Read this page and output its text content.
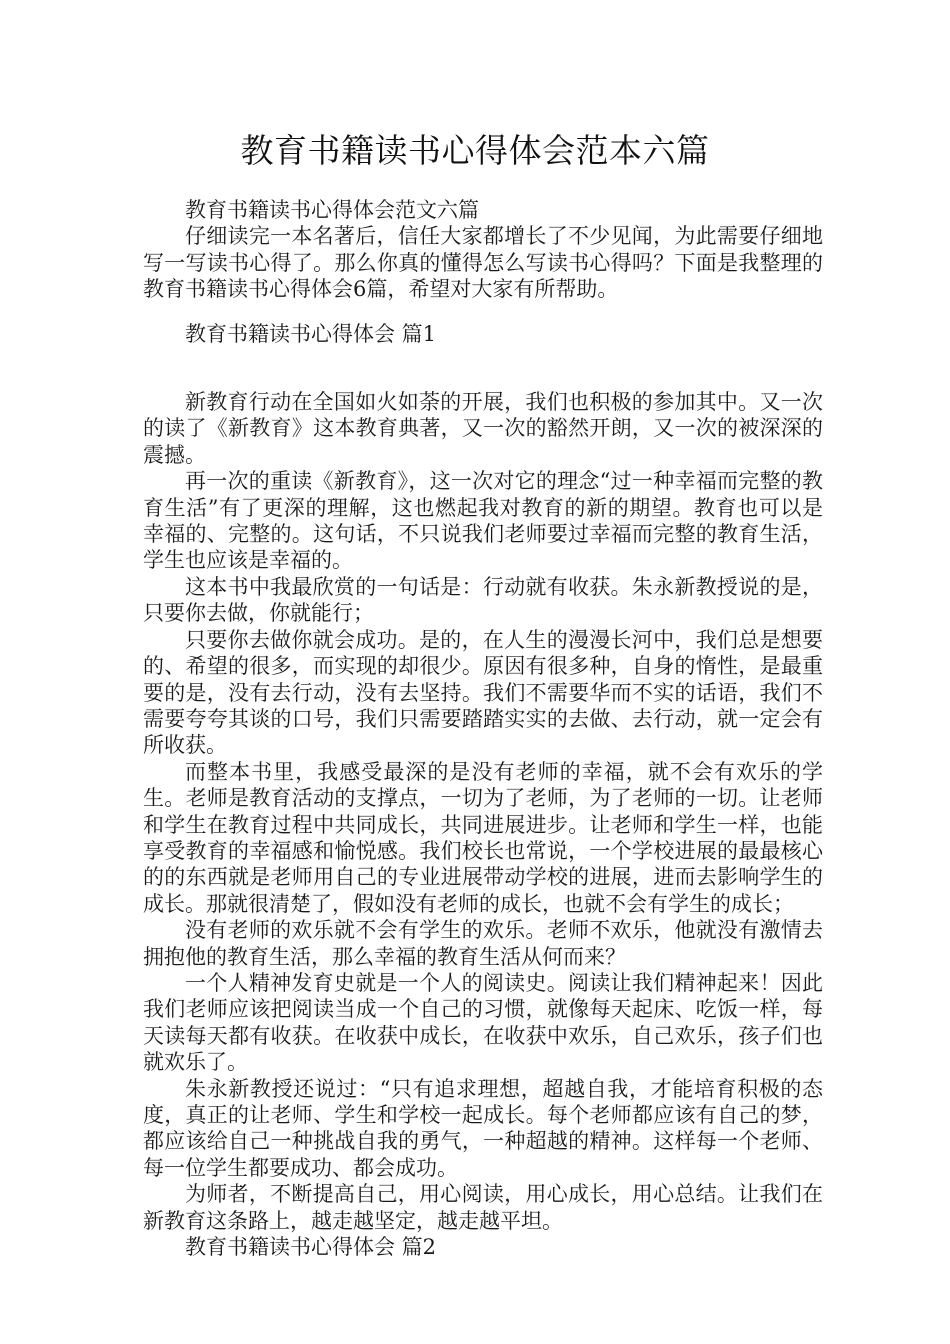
教育书籍读书心得体会范本六篇

教育书籍读书心得体会范文六篇

仔细读完一本名著后，信任大家都增长了不少见闻，为此需要仔细地写一写读书心得了。那么你真的懂得怎么写读书心得吗？下面是我整理的教育书籍读书心得体会6篇，希望对大家有所帮助。

教育书籍读书心得体会 篇1

新教育行动在全国如火如荼的开展，我们也积极的参加其中。又一次的读了《新教育》这本教育典著，又一次的豁然开朗，又一次的被深深的震撼。

再一次的重读《新教育》，这一次对它的理念“过一种幸福而完整的教育生活”有了更深的理解，这也燃起我对教育的新的期望。教育也可以是幸福的、完整的。这句话，不只说我们老师要过幸福而完整的教育生活，学生也应该是幸福的。

这本书中我最欣赏的一句话是：行动就有收获。朱永新教授说的是，只要你去做，你就能行；

只要你去做你就会成功。是的，在人生的漫漫长河中，我们总是想要的、希望的很多，而实现的却很少。原因有很多种，自身的惰性，是最重要的是，没有去行动，没有去坚持。我们不需要华而不实的话语，我们不需要夸夸其谈的口号，我们只需要踏踏实实的去做、去行动，就一定会有所收获。

而整本书里，我感受最深的是没有老师的幸福，就不会有欢乐的学生。老师是教育活动的支撑点，一切为了老师，为了老师的一切。让老师和学生在教育过程中共同成长，共同进展进步。让老师和学生一样，也能享受教育的幸福感和愉悦感。我们校长也常说，一个学校进展的最最核心的的东西就是老师用自己的专业进展带动学校的进展，进而去影响学生的成长。那就很清楚了，假如没有老师的成长，也就不会有学生的成长；

没有老师的欢乐就不会有学生的欢乐。老师不欢乐，他就没有激情去拥抱他的教育生活，那么幸福的教育生活从何而来？

一个人精神发育史就是一个人的阅读史。阅读让我们精神起来！因此我们老师应该把阅读当成一个自己的习惯，就像每天起床、吃饭一样，每天读每天都有收获。在收获中成长，在收获中欢乐，自己欢乐，孩子们也就欢乐了。

朱永新教授还说过：“只有追求理想，超越自我，才能培育积极的态度，真正的让老师、学生和学校一起成长。每个老师都应该有自己的梦，都应该给自己一种挑战自我的勇气，一种超越的精神。这样每一个老师、每一位学生都要成功、都会成功。

为师者，不断提高自己，用心阅读，用心成长，用心总结。让我们在新教育这条路上，越走越坚定，越走越平坦。

教育书籍读书心得体会 篇2
